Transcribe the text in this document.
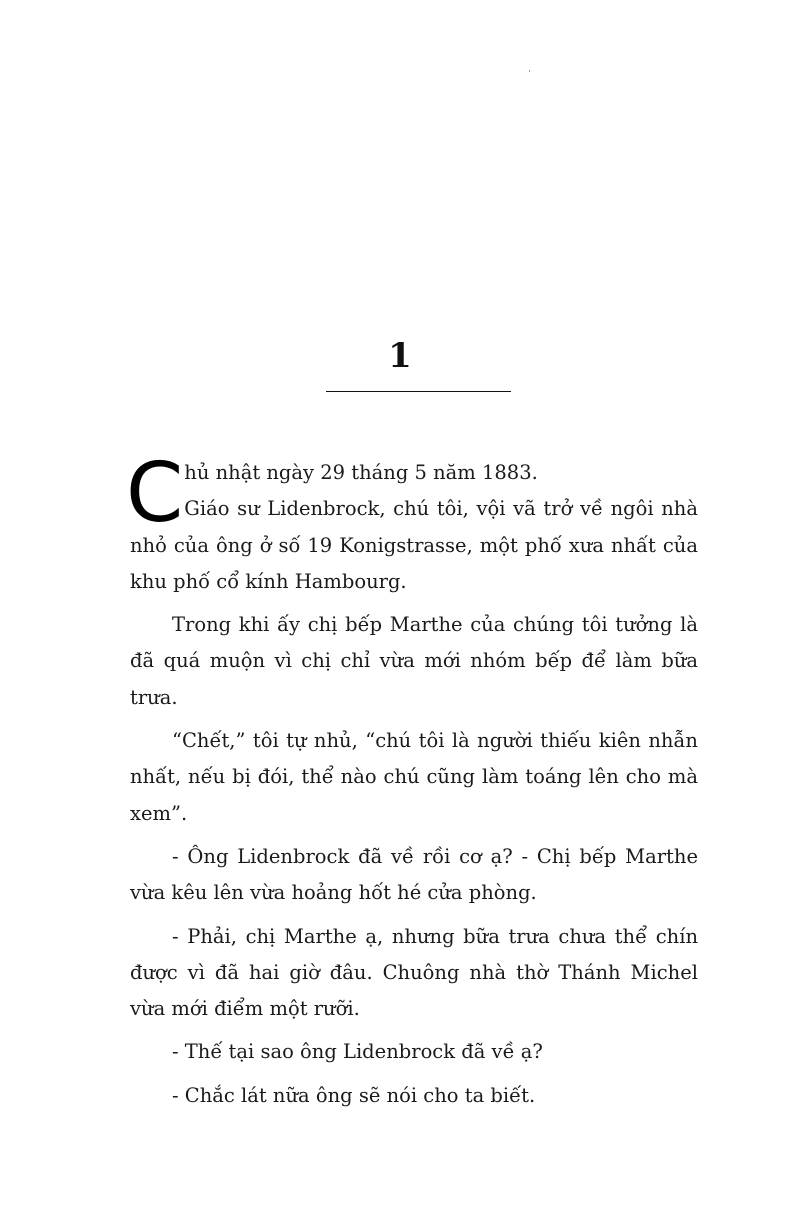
1

Chủ nhật ngày 29 tháng 5 năm 1883.
Giáo sư Lidenbrock, chú tôi, vội vã trở về ngôi nhà nhỏ của ông ở số 19 Konigstrasse, một phố xưa nhất của khu phố cổ kính Hambourg.

Trong khi ấy chị bếp Marthe của chúng tôi tưởng là đã quá muộn vì chị chỉ vừa mới nhóm bếp để làm bữa trưa.

“Chết,” tôi tự nhủ, “chú tôi là người thiếu kiên nhẫn nhất, nếu bị đói, thể nào chú cũng làm toáng lên cho mà xem”.

- Ông Lidenbrock đã về rồi cơ ạ? - Chị bếp Marthe vừa kêu lên vừa hoảng hốt hé cửa phòng.

- Phải, chị Marthe ạ, nhưng bữa trưa chưa thể chín được vì đã hai giờ đâu. Chuông nhà thờ Thánh Michel vừa mới điểm một rưỡi.

- Thế tại sao ông Lidenbrock đã về ạ?

- Chắc lát nữa ông sẽ nói cho ta biết.
